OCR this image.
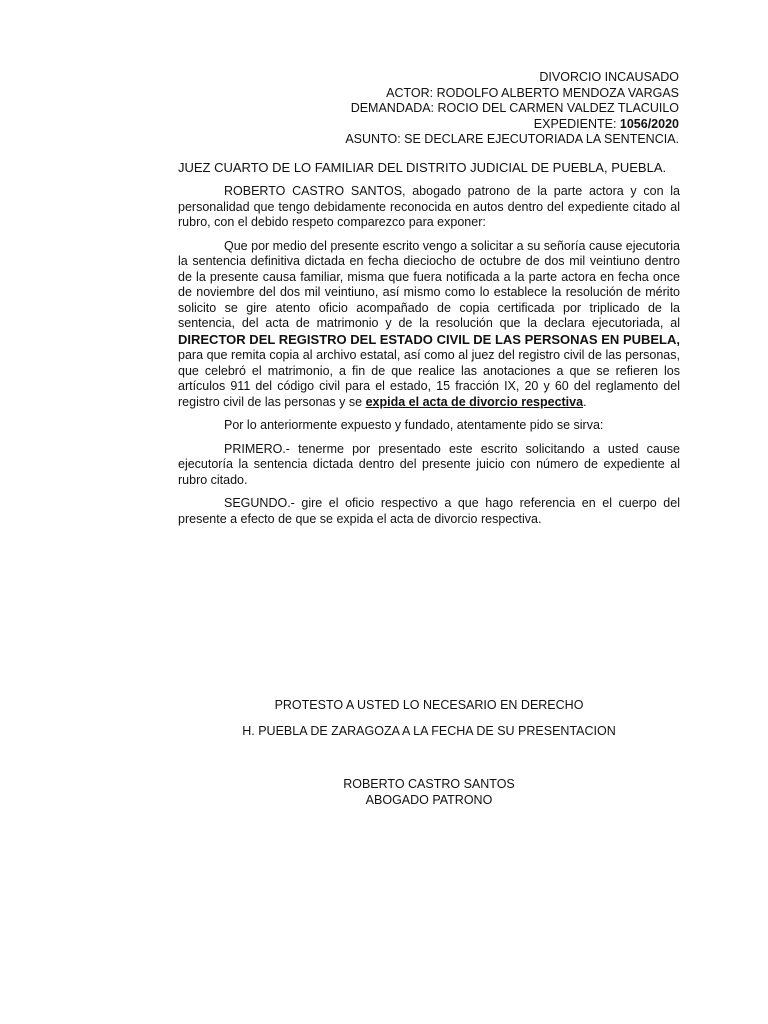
DIVORCIO INCAUSADO
ACTOR: RODOLFO ALBERTO MENDOZA VARGAS
DEMANDADA: ROCIO DEL CARMEN VALDEZ TLACUILO
EXPEDIENTE: 1056/2020
ASUNTO: SE DECLARE EJECUTORIADA LA SENTENCIA.

JUEZ CUARTO DE LO FAMILIAR DEL DISTRITO JUDICIAL DE PUEBLA, PUEBLA.

ROBERTO CASTRO SANTOS, abogado patrono de la parte actora y con la personalidad que tengo debidamente reconocida en autos dentro del expediente citado al rubro, con el debido respeto comparezco para exponer:

Que por medio del presente escrito vengo a solicitar a su señoría cause ejecutoria la sentencia definitiva dictada en fecha dieciocho de octubre de dos mil veintiuno dentro de la presente causa familiar, misma que fuera notificada a la parte actora en fecha once de noviembre del dos mil veintiuno, así mismo como lo establece la resolución de mérito solicito se gire atento oficio acompañado de copia certificada por triplicado de la sentencia, del acta de matrimonio y de la resolución que la declara ejecutoriada, al DIRECTOR DEL REGISTRO DEL ESTADO CIVIL DE LAS PERSONAS EN PUBELA, para que remita copia al archivo estatal, así como al juez del registro civil de las personas, que celebró el matrimonio, a fin de que realice las anotaciones a que se refieren los artículos 911 del código civil para el estado, 15 fracción IX, 20 y 60 del reglamento del registro civil de las personas y se expida el acta de divorcio respectiva.

Por lo anteriormente expuesto y fundado, atentamente pido se sirva:

PRIMERO.- tenerme por presentado este escrito solicitando a usted cause ejecutoría la sentencia dictada dentro del presente juicio con número de expediente al rubro citado.

SEGUNDO.- gire el oficio respectivo a que hago referencia en el cuerpo del presente a efecto de que se expida el acta de divorcio respectiva.

PROTESTO A USTED LO NECESARIO EN DERECHO
H. PUEBLA DE ZARAGOZA A LA FECHA DE SU PRESENTACION
ROBERTO CASTRO SANTOS
ABOGADO PATRONO
